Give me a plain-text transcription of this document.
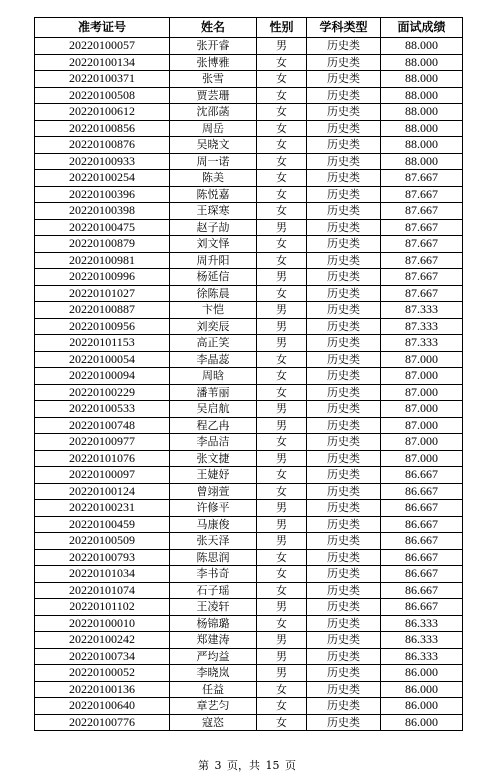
准考证号	姓名	性别	学科类型	面试成绩
20220100057	张开睿	男	历史类	88.000
20220100134	张博雅	女	历史类	88.000
20220100371	张雪	女	历史类	88.000
20220100508	贾芸珊	女	历史类	88.000
20220100612	沈邵菡	女	历史类	88.000
20220100856	周岳	女	历史类	88.000
20220100876	吴晓文	女	历史类	88.000
20220100933	周一诺	女	历史类	88.000
20220100254	陈美	女	历史类	87.667
20220100396	陈悦嘉	女	历史类	87.667
20220100398	王琛寒	女	历史类	87.667
20220100475	赵子劼	男	历史类	87.667
20220100879	刘文怿	女	历史类	87.667
20220100981	周升阳	女	历史类	87.667
20220100996	杨延信	男	历史类	87.667
20220101027	徐陈晨	女	历史类	87.667
20220100887	卞恺	男	历史类	87.333
20220100956	刘奕辰	男	历史类	87.333
20220101153	高正笑	男	历史类	87.333
20220100054	李晶蕊	女	历史类	87.000
20220100094	周晗	女	历史类	87.000
20220100229	潘苇丽	女	历史类	87.000
20220100533	吴启航	男	历史类	87.000
20220100748	程乙冉	男	历史类	87.000
20220100977	李品洁	女	历史类	87.000
20220101076	张文捷	男	历史类	87.000
20220100097	王婕妤	女	历史类	86.667
20220100124	曾翊萱	女	历史类	86.667
20220100231	许修平	男	历史类	86.667
20220100459	马康俊	男	历史类	86.667
20220100509	张天泽	男	历史类	86.667
20220100793	陈思润	女	历史类	86.667
20220101034	李书奇	女	历史类	86.667
20220101074	石子瑶	女	历史类	86.667
20220101102	王凌轩	男	历史类	86.667
20220100010	杨锦璐	女	历史类	86.333
20220100242	郑建涛	男	历史类	86.333
20220100734	严均益	男	历史类	86.333
20220100052	李晓岚	男	历史类	86.000
20220100136	任益	女	历史类	86.000
20220100640	章艺匀	女	历史类	86.000
20220100776	寇恣	女	历史类	86.000
第 3 页，共 15 页
